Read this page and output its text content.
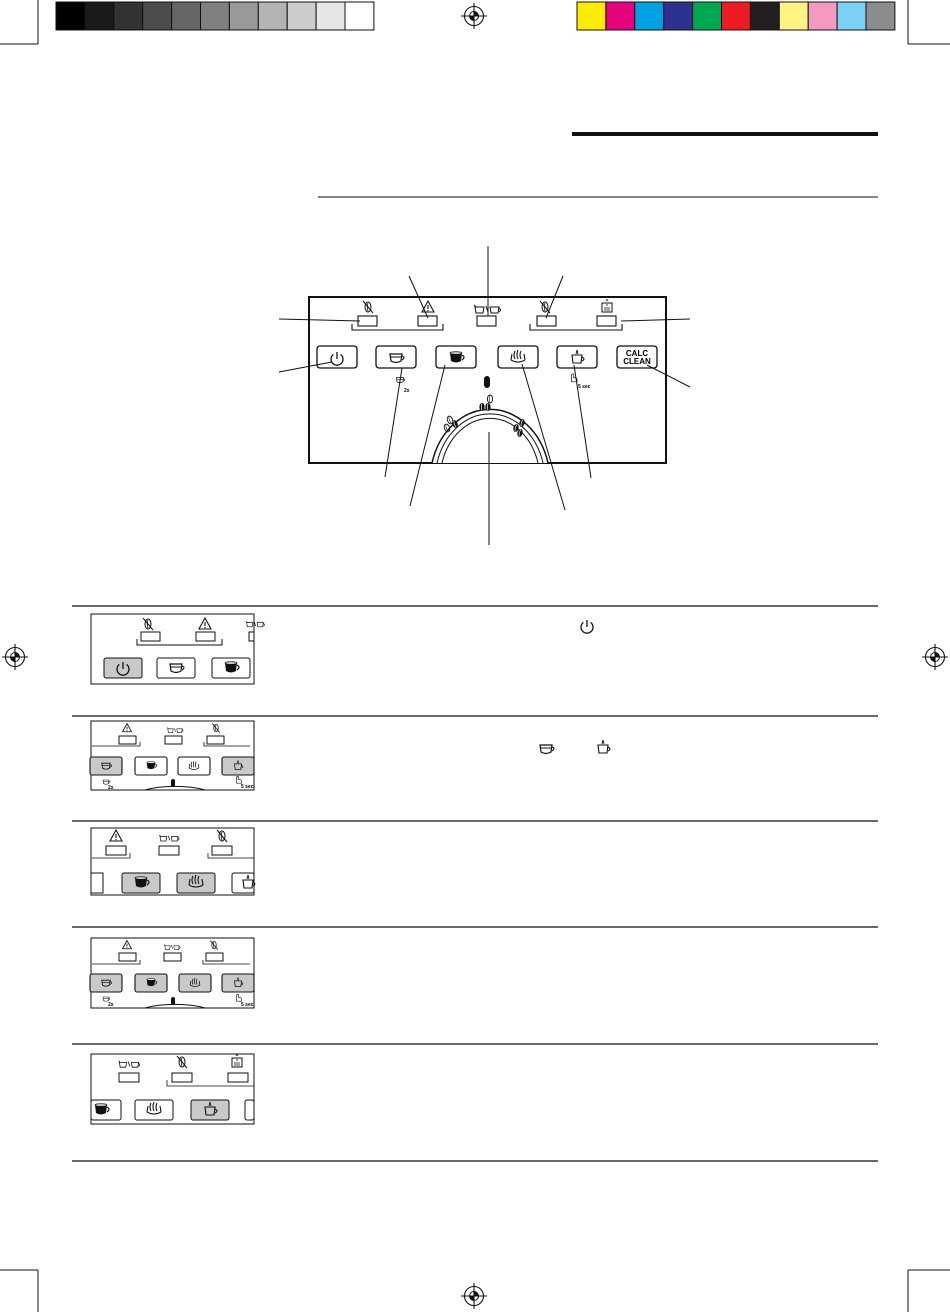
CALC
CLEAN
2x
5 sec
2x	5 sec
2x	5 sec
